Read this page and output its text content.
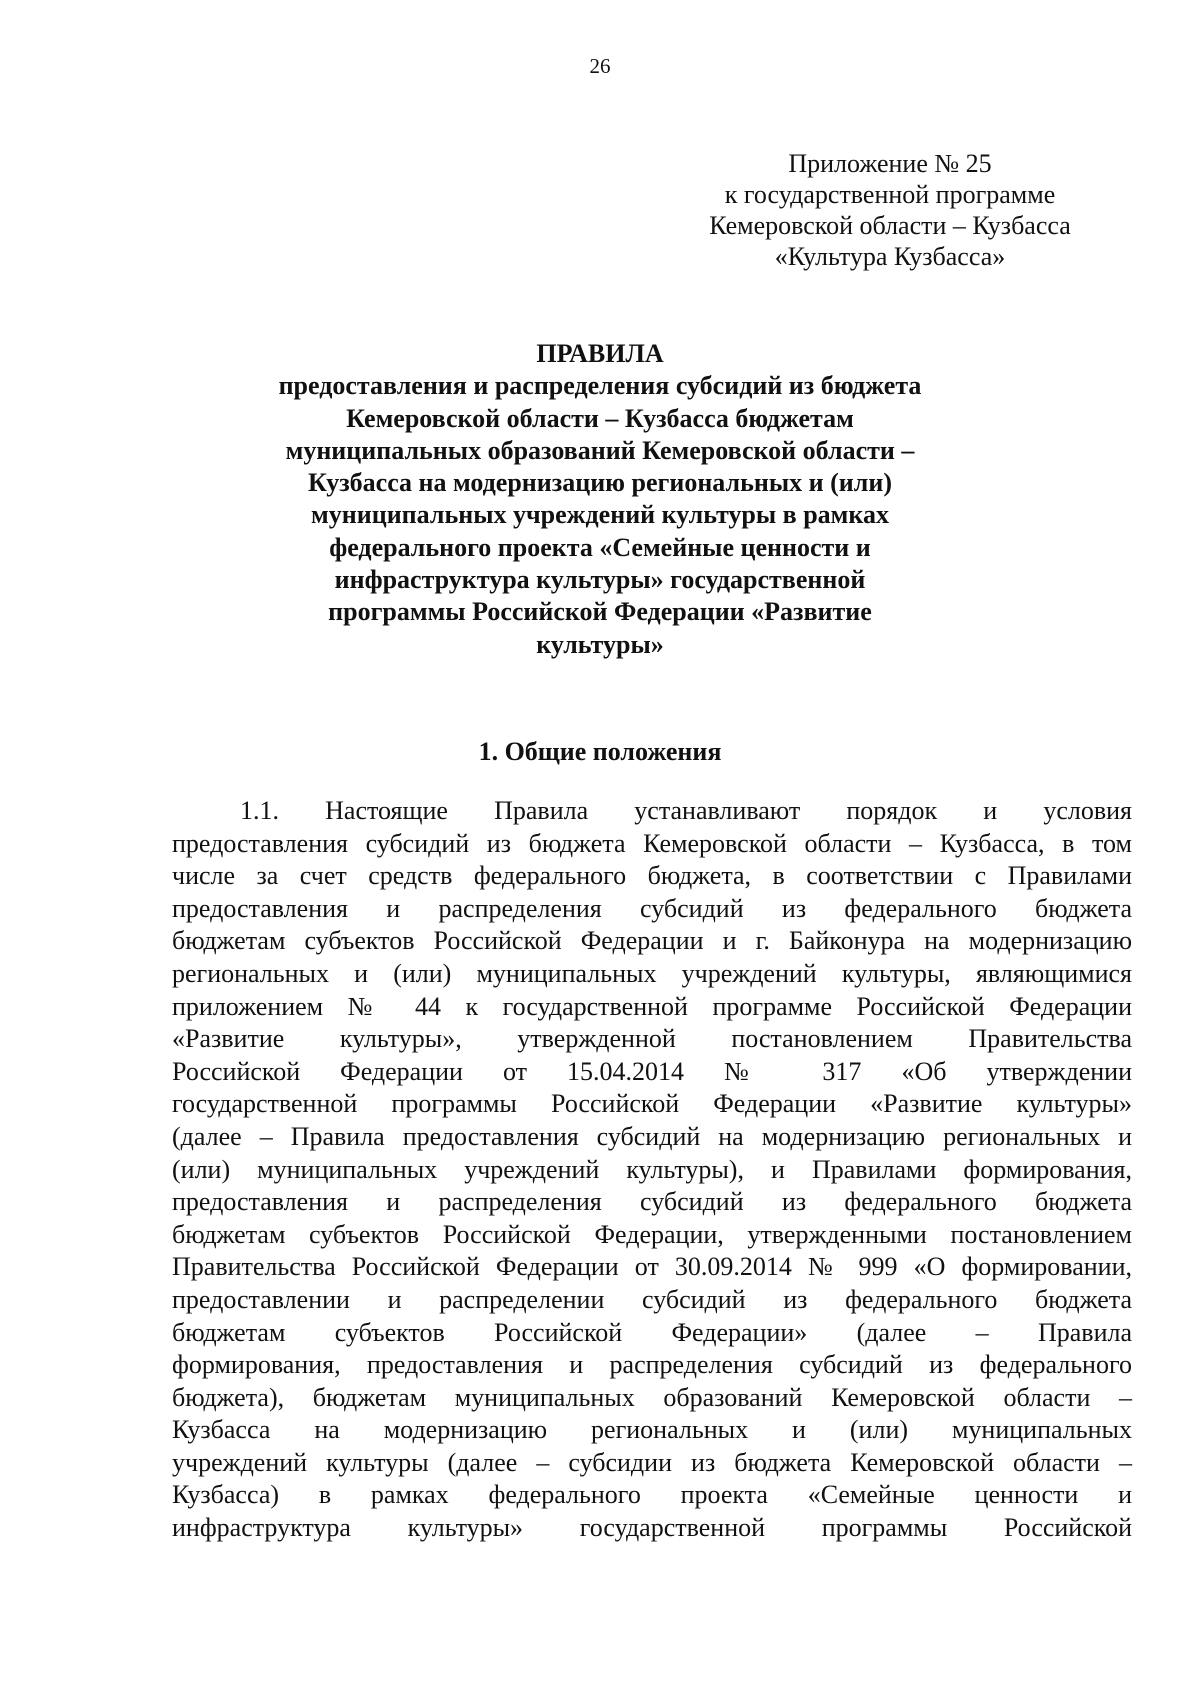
26
Приложение № 25
к государственной программе
Кемеровской области – Кузбасса
«Культура Кузбасса»
ПРАВИЛА
предоставления и распределения субсидий из бюджета
Кемеровской области – Кузбасса бюджетам
муниципальных образований Кемеровской области –
Кузбасса на модернизацию региональных и (или)
муниципальных учреждений культуры в рамках
федерального проекта «Семейные ценности и
инфраструктура культуры» государственной
программы Российской Федерации «Развитие
культуры»
1. Общие положения
1.1. Настоящие Правила устанавливают порядок и условия
предоставления субсидий из бюджета Кемеровской области – Кузбасса, в том
числе за счет средств федерального бюджета, в соответствии с Правилами
предоставления и распределения субсидий из федерального бюджета
бюджетам субъектов Российской Федерации и г. Байконура на модернизацию
региональных и (или) муниципальных учреждений культуры, являющимися
приложением № 44 к государственной программе Российской Федерации
«Развитие культуры», утвержденной постановлением Правительства
Российской Федерации от 15.04.2014 № 317 «Об утверждении
государственной программы Российской Федерации «Развитие культуры»
(далее – Правила предоставления субсидий на модернизацию региональных и
(или) муниципальных учреждений культуры), и Правилами формирования,
предоставления и распределения субсидий из федерального бюджета
бюджетам субъектов Российской Федерации, утвержденными постановлением
Правительства Российской Федерации от 30.09.2014 № 999 «О формировании,
предоставлении и распределении субсидий из федерального бюджета
бюджетам субъектов Российской Федерации» (далее – Правила
формирования, предоставления и распределения субсидий из федерального
бюджета), бюджетам муниципальных образований Кемеровской области –
Кузбасса на модернизацию региональных и (или) муниципальных
учреждений культуры (далее – субсидии из бюджета Кемеровской области –
Кузбасса) в рамках федерального проекта «Семейные ценности и
инфраструктура культуры» государственной программы Российской
